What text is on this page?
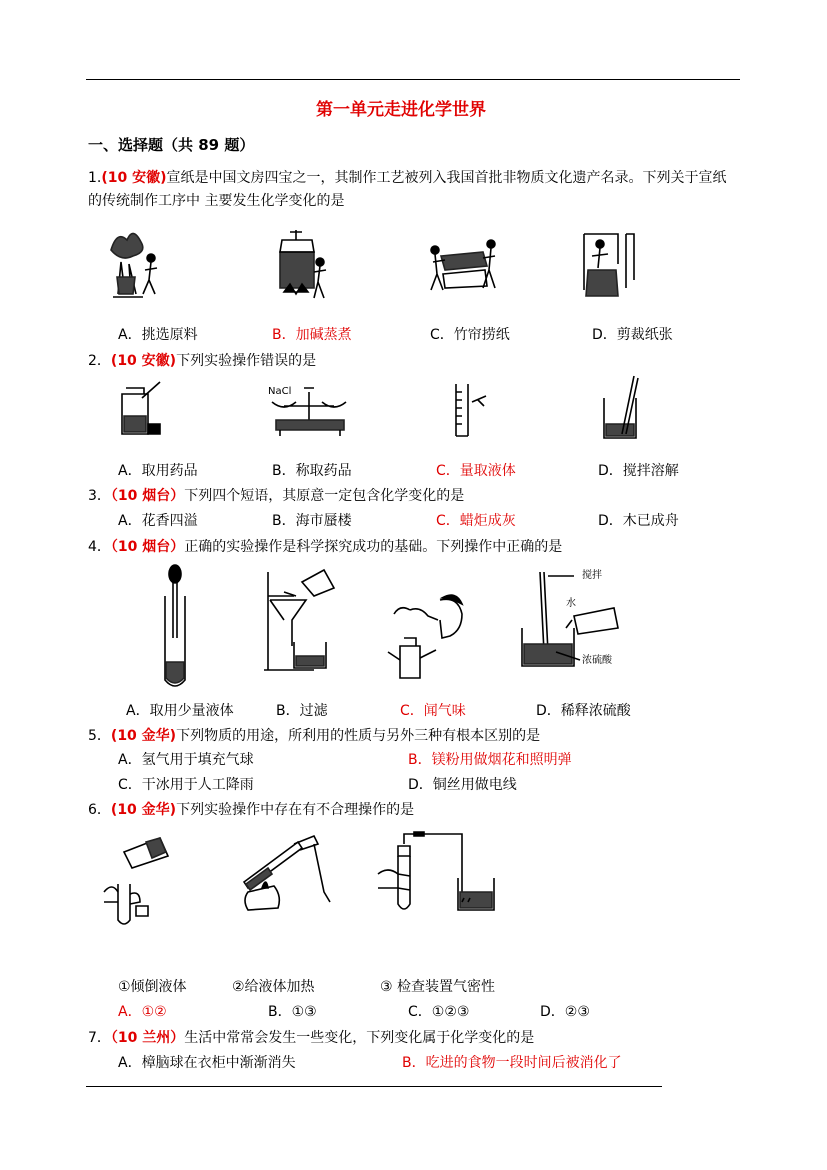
第一单元走进化学世界
一、选择题（共 89 题）
1.(10 安徽)宣纸是中国文房四宝之一，其制作工艺被列入我国首批非物质文化遗产名录。下列关于宣纸
的传统制作工序中 主要发生化学变化的是
A．挑选原料	B．加碱蒸煮	C．竹帘捞纸	D．剪裁纸张
2．(10 安徽)下列实验操作错误的是
NaCl
A．取用药品	B．称取药品	C．量取液体	D．搅拌溶解
3．（10 烟台）下列四个短语，其原意一定包含化学变化的是
A．花香四溢	B．海市蜃楼	C．蜡炬成灰	D．木已成舟
4．（10 烟台）正确的实验操作是科学探究成功的基础。下列操作中正确的是
搅拌
水
浓硫酸
A．取用少量液体	B．过滤	C．闻气味	D．稀释浓硫酸
5．(10 金华)下列物质的用途，所利用的性质与另外三种有根本区别的是
A．氢气用于填充气球	B．镁粉用做烟花和照明弹
C．干冰用于人工降雨	D．铜丝用做电线
6．(10 金华)下列实验操作中存在有不合理操作的是
①倾倒液体	②给液体加热	③ 检查装置气密性
A．①②	B．①③	C．①②③	D．②③
7．（10 兰州）生活中常常会发生一些变化，下列变化属于化学变化的是
A．樟脑球在衣柜中渐渐消失	B．吃进的食物一段时间后被消化了
